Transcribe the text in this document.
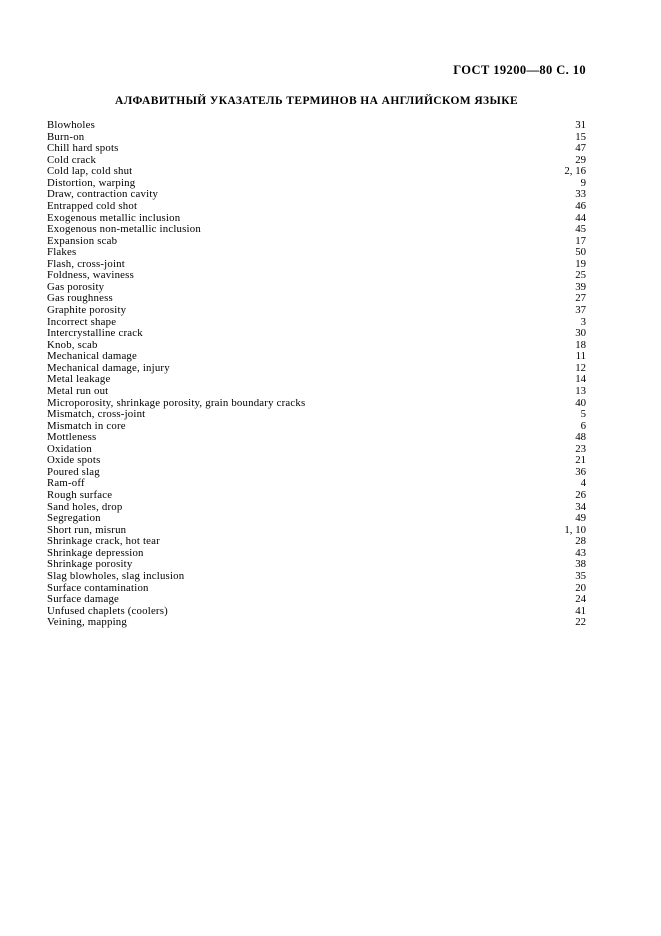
ГОСТ 19200—80 С. 10
АЛФАВИТНЫЙ УКАЗАТЕЛЬ ТЕРМИНОВ НА АНГЛИЙСКОМ ЯЗЫКЕ
Blowholes	31
Burn-on	15
Chill hard spots	47
Cold crack	29
Cold lap, cold shut	2, 16
Distortion, warping	9
Draw, contraction cavity	33
Entrapped cold shot	46
Exogenous metallic inclusion	44
Exogenous non-metallic inclusion	45
Expansion scab	17
Flakes	50
Flash, cross-joint	19
Foldness, waviness	25
Gas porosity	39
Gas roughness	27
Graphite porosity	37
Incorrect shape	3
Intercrystalline crack	30
Knob, scab	18
Mechanical damage	11
Mechanical damage, injury	12
Metal leakage	14
Metal run out	13
Microporosity, shrinkage porosity, grain boundary cracks	40
Mismatch, cross-joint	5
Mismatch in core	6
Mottleness	48
Oxidation	23
Oxide spots	21
Poured slag	36
Ram-off	4
Rough surface	26
Sand holes, drop	34
Segregation	49
Short run, misrun	1, 10
Shrinkage crack, hot tear	28
Shrinkage depression	43
Shrinkage porosity	38
Slag blowholes, slag inclusion	35
Surface contamination	20
Surface damage	24
Unfused chaplets (coolers)	41
Veining, mapping	22
